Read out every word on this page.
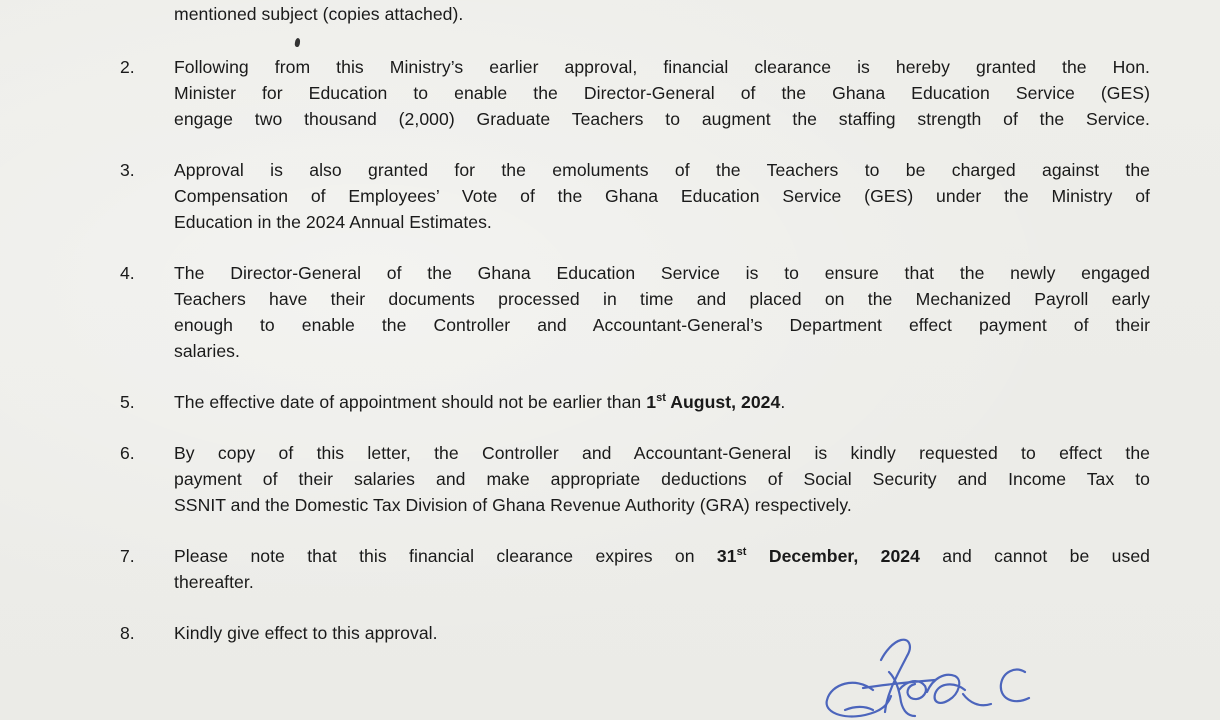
mentioned subject (copies attached).
2. Following from this Ministry’s earlier approval, financial clearance is hereby granted the Hon.
Minister for Education to enable the Director-General of the Ghana Education Service (GES)
engage two thousand (2,000) Graduate Teachers to augment the staffing strength of the Service.
3. Approval is also granted for the emoluments of the Teachers to be charged against the
Compensation of Employees’ Vote of the Ghana Education Service (GES) under the Ministry of
Education in the 2024 Annual Estimates.
4. The Director-General of the Ghana Education Service is to ensure that the newly engaged
Teachers have their documents processed in time and placed on the Mechanized Payroll early
enough to enable the Controller and Accountant-General’s Department effect payment of their
salaries.
5. The effective date of appointment should not be earlier than 1st August, 2024.
6. By copy of this letter, the Controller and Accountant-General is kindly requested to effect the
payment of their salaries and make appropriate deductions of Social Security and Income Tax to
SSNIT and the Domestic Tax Division of Ghana Revenue Authority (GRA) respectively.
7. Please note that this financial clearance expires on 31st December, 2024 and cannot be used
thereafter.
8. Kindly give effect to this approval.
